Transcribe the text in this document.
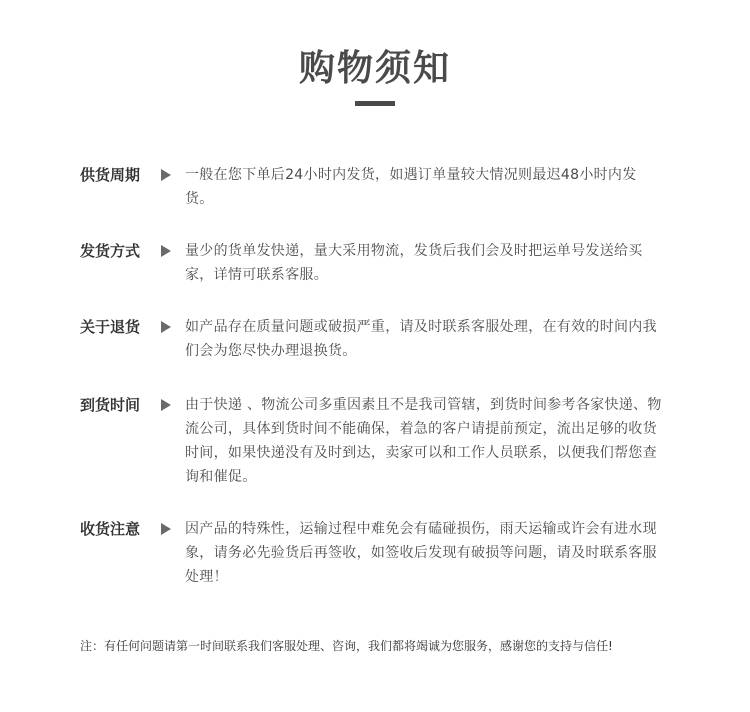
购物须知
供货周期	一般在您下单后24小时内发货，如遇订单量较大情况则最迟48小时内发货。
发货方式	量少的货单发快递，量大采用物流，发货后我们会及时把运单号发送给买家，详情可联系客服。
关于退货	如产品存在质量问题或破损严重，请及时联系客服处理，在有效的时间内我们会为您尽快办理退换货。
到货时间	由于快递 、物流公司多重因素且不是我司管辖，到货时间参考各家快递、物流公司，具体到货时间不能确保，着急的客户请提前预定，流出足够的收货时间，如果快递没有及时到达，卖家可以和工作人员联系，以便我们帮您查询和催促。
收货注意	因产品的特殊性，运输过程中难免会有磕碰损伤，雨天运输或许会有进水现象，请务必先验货后再签收，如签收后发现有破损等问题，请及时联系客服处理！
注：有任何问题请第一时间联系我们客服处理、咨询，我们都将竭诚为您服务，感谢您的支持与信任!
